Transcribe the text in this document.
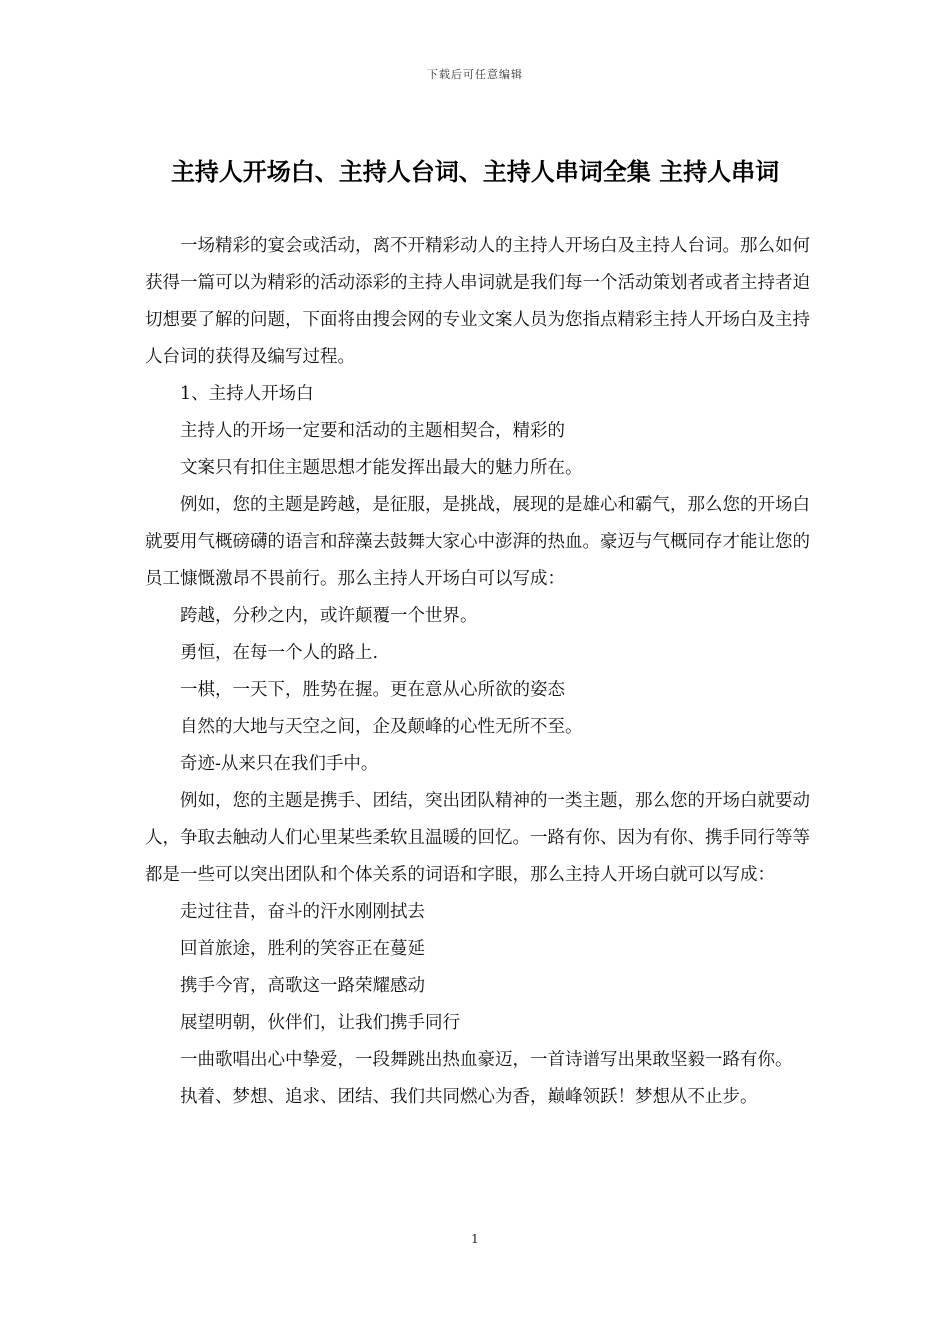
下载后可任意编辑
主持人开场白、主持人台词、主持人串词全集 主持人串词

一场精彩的宴会或活动，离不开精彩动人的主持人开场白及主持人台词。那么如何获得一篇可以为精彩的活动添彩的主持人串词就是我们每一个活动策划者或者主持者迫切想要了解的问题，下面将由搜会网的专业文案人员为您指点精彩主持人开场白及主持人台词的获得及编写过程。

1、主持人开场白

主持人的开场一定要和活动的主题相契合，精彩的

文案只有扣住主题思想才能发挥出最大的魅力所在。

例如，您的主题是跨越，是征服，是挑战，展现的是雄心和霸气，那么您的开场白就要用气概磅礴的语言和辞藻去鼓舞大家心中澎湃的热血。豪迈与气概同存才能让您的员工慷慨激昂不畏前行。那么主持人开场白可以写成：

跨越，分秒之内，或许颠覆一个世界。

勇恒，在每一个人的路上.

一棋，一天下，胜势在握。更在意从心所欲的姿态

自然的大地与天空之间，企及颠峰的心性无所不至。

奇迹-从来只在我们手中。

例如，您的主题是携手、团结，突出团队精神的一类主题，那么您的开场白就要动人，争取去触动人们心里某些柔软且温暖的回忆。一路有你、因为有你、携手同行等等都是一些可以突出团队和个体关系的词语和字眼，那么主持人开场白就可以写成：

走过往昔，奋斗的汗水刚刚拭去

回首旅途，胜利的笑容正在蔓延

携手今宵，高歌这一路荣耀感动

展望明朝，伙伴们，让我们携手同行

一曲歌唱出心中挚爱，一段舞跳出热血豪迈，一首诗谱写出果敢坚毅一路有你。

执着、梦想、追求、团结、我们共同燃心为香，巅峰领跃！梦想从不止步。

1
